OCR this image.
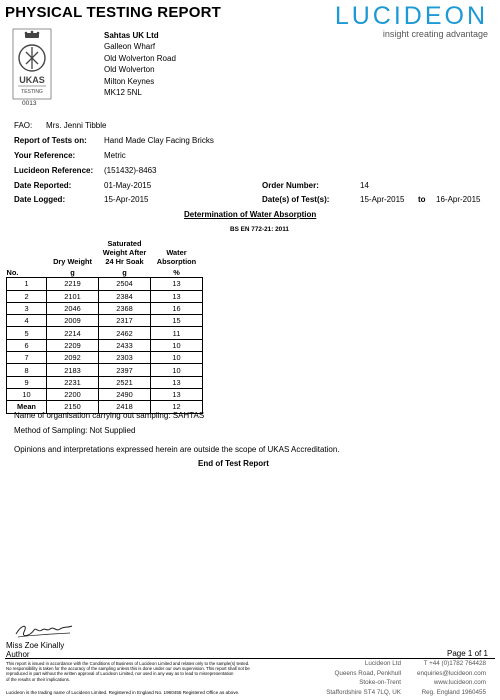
PHYSICAL TESTING REPORT	LUCIDEON
insight creating advantage
UKAS
TESTING
0013
Sahtas UK Ltd
Galleon Wharf
Old Wolverton Road
Old Wolverton
Milton Keynes
MK12 5NL
FAO: Mrs. Jenni Tibble
Report of Tests on: Hand Made Clay Facing Bricks
Your Reference:	Metric
Lucideon Reference: (151432)-8463
Date Reported:	01-May-2015	Order Number:	14
Date Logged:	15-Apr-2015	Date(s) of Test(s):	15-Apr-2015 to 16-Apr-2015
Determination of Water Absorption
BS EN 772-21: 2011
	Dry Weight	Saturated Weight After 24 Hr Soak	Water Absorption
No.	g	g	%
1	2219	2504	13
2	2101	2384	13
3	2046	2368	16
4	2009	2317	15
5	2214	2462	11
6	2209	2433	10
7	2092	2303	10
8	2183	2397	10
9	2231	2521	13
10	2200	2490	13
Mean	2150	2418	12
Name of organisation carrying out sampling: SAHTAS
Method of Sampling: Not Supplied
Opinions and interpretations expressed herein are outside the scope of UKAS Accreditation.
End of Test Report
Miss Zoe Kinally
Author	Page 1 of 1
This report is issued in accordance with the Conditions of Business of Lucideon Limited and relates only to the sample(s) tested.
No responsibility is taken for the accuracy of the sampling unless this is done under our own supervision. This report shall not be
reproduced in part without the written approval of Lucideon Limited, nor used in any way as to lead to misrepresentation
of the results or their implications.
Lucideon is the trading name of Lucideon Limited. Registered in England No. 1960455 Registered Office as above.
Lucideon Ltd
Queens Road, Penkhull
Stoke-on-Trent
Staffordshire ST4 7LQ, UK
T +44 (0)1782 764428
enquiries@lucideon.com
www.lucideon.com
Reg. England 1960455
